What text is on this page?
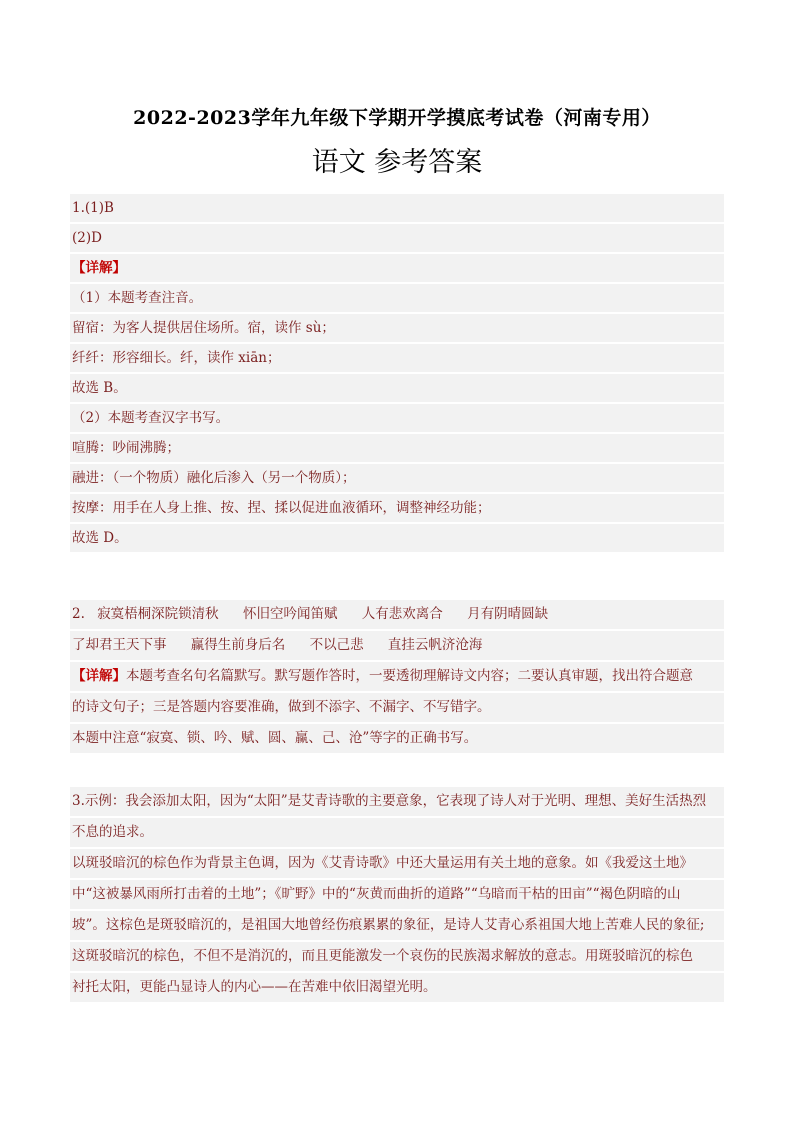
2022-2023学年九年级下学期开学摸底考试卷（河南专用）
语文 参考答案
1.(1)B
(2)D
【详解】
（1）本题考查注音。
留宿：为客人提供居住场所。宿，读作 sù；
纤纤：形容细长。纤，读作 xiān；
故选 B。
（2）本题考查汉字书写。
喧腾：吵闹沸腾；
融进：（一个物质）融化后渗入（另一个物质）；
按摩：用手在人身上推、按、捏、揉以促进血液循环，调整神经功能；
故选 D。
2. 寂寞梧桐深院锁清秋 怀旧空吟闻笛赋 人有悲欢离合 月有阴晴圆缺
了却君王天下事 赢得生前身后名 不以己悲 直挂云帆济沧海
【详解】本题考查名句名篇默写。默写题作答时，一要透彻理解诗文内容；二要认真审题，找出符合题意
的诗文句子；三是答题内容要准确，做到不添字、不漏字、不写错字。
本题中注意“寂寞、锁、吟、赋、圆、赢、己、沧”等字的正确书写。
3.示例：我会添加太阳，因为“太阳”是艾青诗歌的主要意象，它表现了诗人对于光明、理想、美好生活热烈
不息的追求。
以斑驳暗沉的棕色作为背景主色调，因为《艾青诗歌》中还大量运用有关土地的意象。如《我爱这土地》
中“这被暴风雨所打击着的土地”；《旷野》中的“灰黄而曲折的道路”“乌暗而干枯的田亩”“褐色阴暗的山
坡”。这棕色是斑驳暗沉的，是祖国大地曾经伤痕累累的象征，是诗人艾青心系祖国大地上苦难人民的象征;
这斑驳暗沉的棕色，不但不是消沉的，而且更能激发一个哀伤的民族渴求解放的意志。用斑驳暗沉的棕色
衬托太阳，更能凸显诗人的内心——在苦难中依旧渴望光明。
